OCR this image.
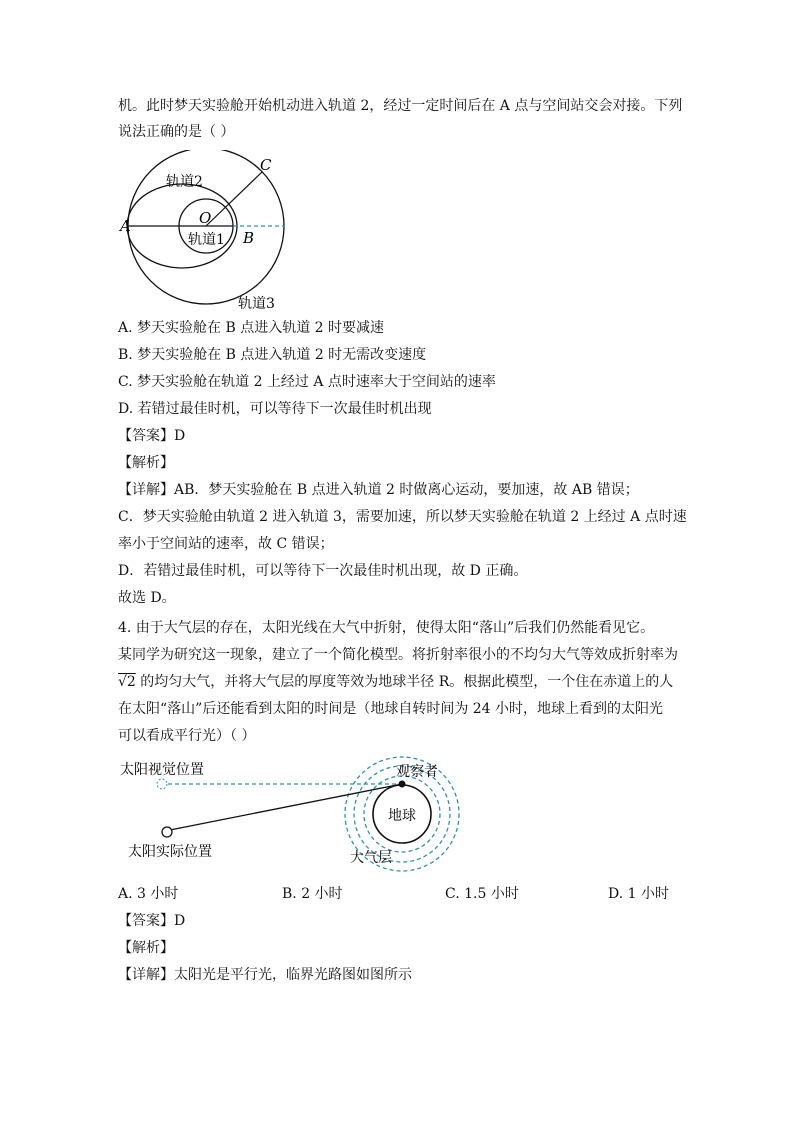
机。此时梦天实验舱开始机动进入轨道 2，经过一定时间后在 A 点与空间站交会对接。下列
说法正确的是（ ）
C
轨道2
O
A
轨道1 B
轨道3
A. 梦天实验舱在 B 点进入轨道 2 时要减速
B. 梦天实验舱在 B 点进入轨道 2 时无需改变速度
C. 梦天实验舱在轨道 2 上经过 A 点时速率大于空间站的速率
D. 若错过最佳时机，可以等待下一次最佳时机出现
【答案】D
【解析】
【详解】AB．梦天实验舱在 B 点进入轨道 2 时做离心运动，要加速，故 AB 错误；
C．梦天实验舱由轨道 2 进入轨道 3，需要加速，所以梦天实验舱在轨道 2 上经过 A 点时速
率小于空间站的速率，故 C 错误；
D．若错过最佳时机，可以等待下一次最佳时机出现，故 D 正确。
故选 D。
4. 由于大气层的存在，太阳光线在大气中折射，使得太阳“落山”后我们仍然能看见它。
某同学为研究这一现象，建立了一个简化模型。将折射率很小的不均匀大气等效成折射率为
√2 的均匀大气，并将大气层的厚度等效为地球半径 R。根据此模型，一个住在赤道上的人
在太阳“落山”后还能看到太阳的时间是（地球自转时间为 24 小时，地球上看到的太阳光
可以看成平行光）（ ）
太阳视觉位置
地球
观察者
太阳实际位置	大气层
A. 3 小时	B. 2 小时	C. 1.5 小时	D. 1 小时
【答案】D
【解析】
【详解】太阳光是平行光，临界光路图如图所示
